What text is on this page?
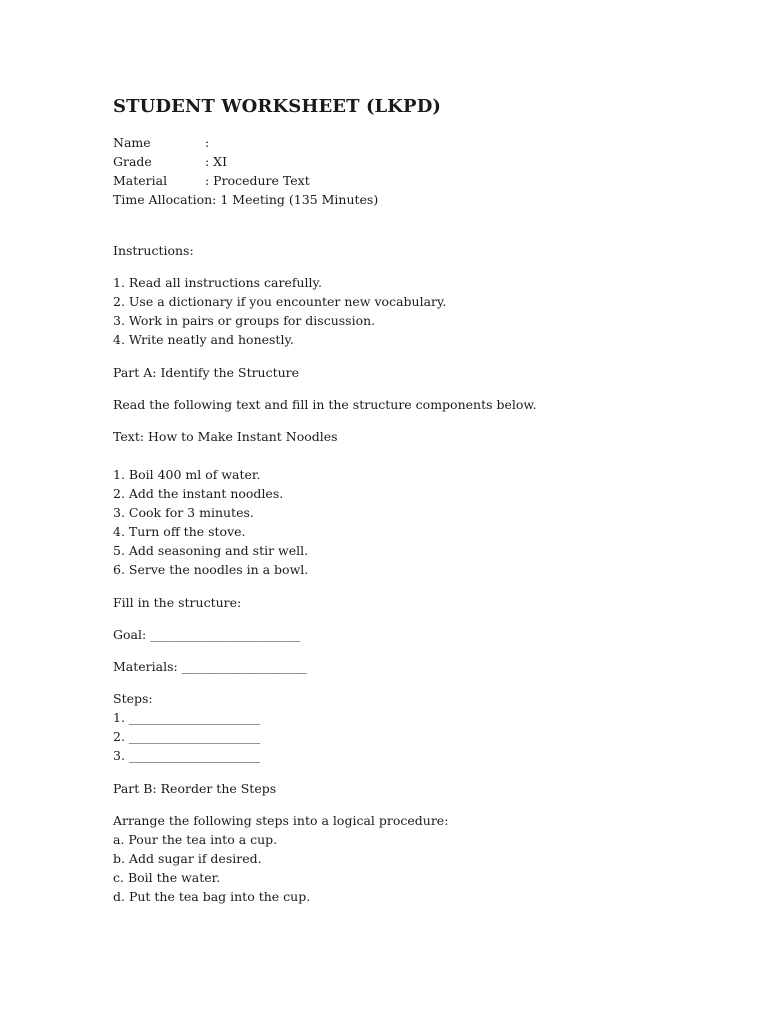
STUDENT WORKSHEET (LKPD)
Name	:
Grade	: XI
Material	: Procedure Text
Time Allocation: 1 Meeting (135 Minutes)
Instructions:
1. Read all instructions carefully.
2. Use a dictionary if you encounter new vocabulary.
3. Work in pairs or groups for discussion.
4. Write neatly and honestly.
Part A: Identify the Structure
Read the following text and fill in the structure components below.
Text: How to Make Instant Noodles
1. Boil 400 ml of water.
2. Add the instant noodles.
3. Cook for 3 minutes.
4. Turn off the stove.
5. Add seasoning and stir well.
6. Serve the noodles in a bowl.
Fill in the structure:
Goal: ________________________
Materials: ____________________
Steps:
1. _____________________
2. _____________________
3. _____________________
Part B: Reorder the Steps
Arrange the following steps into a logical procedure:
a. Pour the tea into a cup.
b. Add sugar if desired.
c. Boil the water.
d. Put the tea bag into the cup.
